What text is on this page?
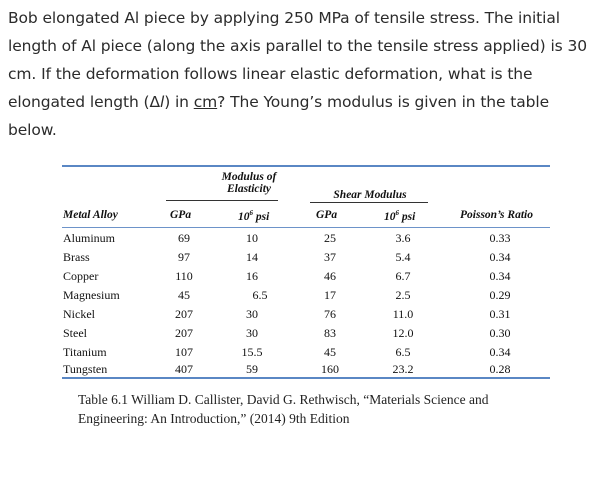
Bob elongated Al piece by applying 250 MPa of tensile stress. The initial length of Al piece (along the axis parallel to the tensile stress applied) is 30 cm. If the deformation follows linear elastic deformation, what is the elongated length (Δl) in cm? The Young’s modulus is given in the table below.
Modulus of
Elasticity	Shear Modulus
Metal Alloy	GPa	$10^6$ psi	GPa	$10^6$ psi	Poisson’s Ratio
Aluminum	69	10	25	3.6	0.33
Brass	97	14	37	5.4	0.34
Copper	110	16	46	6.7	0.34
Magnesium	45	6.5	17	2.5	0.29
Nickel	207	30	76	11.0	0.31
Steel	207	30	83	12.0	0.30
Titanium	107	15.5	45	6.5	0.34
Tungsten	407	59	160	23.2	0.28
Table 6.1 William D. Callister, David G. Rethwisch, “Materials Science and Engineering: An Introduction,” (2014) 9th Edition
